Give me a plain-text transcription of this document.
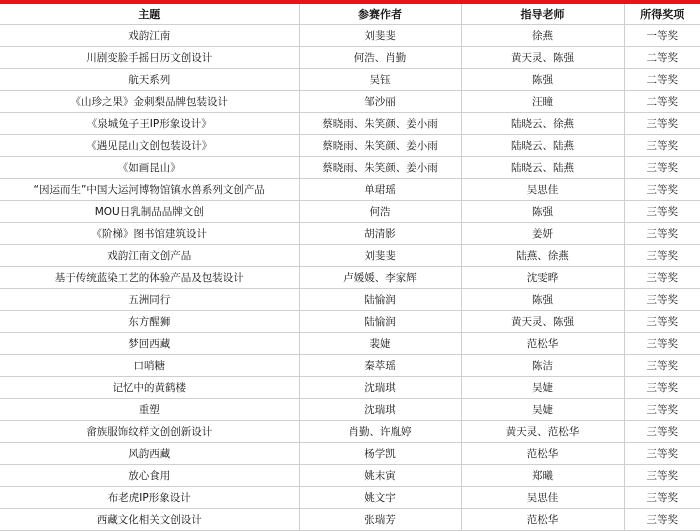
主题	参赛作者	指导老师	所得奖项
戏韵江南	刘斐斐	徐燕	一等奖
川剧变脸手摇日历文创设计	何浩、肖勤	黄天灵、陈强	二等奖
航天系列	吴钰	陈强	二等奖
《山珍之果》金刺梨品牌包装设计	邹沙丽	汪瞳	二等奖
《泉城兔子王IP形象设计》	蔡晓雨、朱笑颜、姜小雨	陆晓云、徐燕	三等奖
《遇见昆山文创包装设计》	蔡晓雨、朱笑颜、姜小雨	陆晓云、陆燕	三等奖
《如画昆山》	蔡晓雨、朱笑颜、姜小雨	陆晓云、陆燕	三等奖
“因运而生”中国大运河博物馆镇水兽系列文创产品	单珺瑶	吴思佳	三等奖
MOU日乳制品品牌文创	何浩	陈强	三等奖
《阶梯》图书馆建筑设计	胡清影	姜妍	三等奖
戏韵江南文创产品	刘斐斐	陆燕、徐燕	三等奖
基于传统蓝染工艺的体验产品及包装设计	卢媛媛、李家辉	沈雯晔	三等奖
五洲同行	陆愉润	陈强	三等奖
东方醒狮	陆愉润	黄天灵、陈强	三等奖
梦回西藏	裴婕	范松华	三等奖
口哨糖	秦萃瑶	陈洁	三等奖
记忆中的黄鹤楼	沈瑞琪	吴婕	三等奖
重塑	沈瑞琪	吴婕	三等奖
畲族服饰纹样文创创新设计	肖勤、许胤婷	黄天灵、范松华	三等奖
风韵西藏	杨学凯	范松华	三等奖
放心食用	姚末寅	郑曦	三等奖
布老虎IP形象设计	姚文宇	吴思佳	三等奖
西藏文化相关文创设计	张瑞芳	范松华	三等奖
